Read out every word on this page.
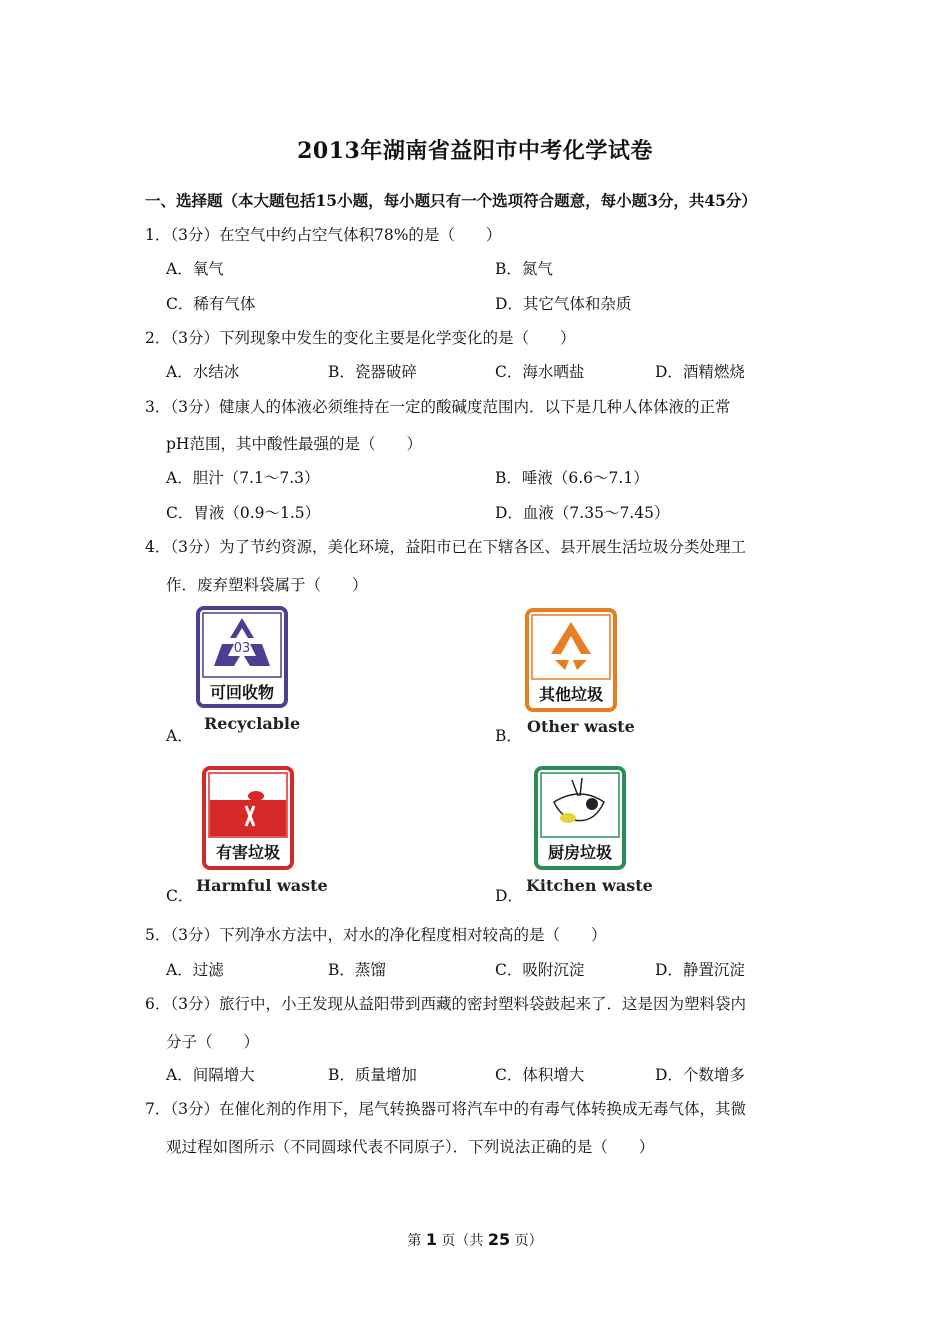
2013年湖南省益阳市中考化学试卷
一、选择题（本大题包括15小题，每小题只有一个选项符合题意，每小题3分，共45分）
1．（3分）在空气中约占空气体积78%的是（　　）
A．氧气	B．氮气
C．稀有气体	D．其它气体和杂质
2．（3分）下列现象中发生的变化主要是化学变化的是（　　）
A．水结冰	B．瓷器破碎	C．海水晒盐	D．酒精燃烧
3．（3分）健康人的体液必须维持在一定的酸碱度范围内．以下是几种人体体液的正常
pH范围，其中酸性最强的是（　　）
A．胆汁（7.1～7.3）	B．唾液（6.6～7.1）
C．胃液（0.9～1.5）	D．血液（7.35～7.45）
4．（3分）为了节约资源，美化环境，益阳市已在下辖各区、县开展生活垃圾分类处理工
作．废弃塑料袋属于（　　）
A．
03
可回收物
Recyclable
B．
其他垃圾
Other waste
C．
有害垃圾
Harmful waste
D．
厨房垃圾
Kitchen waste
5．（3分）下列净水方法中，对水的净化程度相对较高的是（　　）
A．过滤	B．蒸馏	C．吸附沉淀	D．静置沉淀
6．（3分）旅行中，小王发现从益阳带到西藏的密封塑料袋鼓起来了．这是因为塑料袋内
分子（　　）
A．间隔增大	B．质量增加	C．体积增大	D．个数增多
7．（3分）在催化剂的作用下，尾气转换器可将汽车中的有毒气体转换成无毒气体，其微
观过程如图所示（不同圆球代表不同原子）．下列说法正确的是（　　）
第 1 页（共 25 页）
